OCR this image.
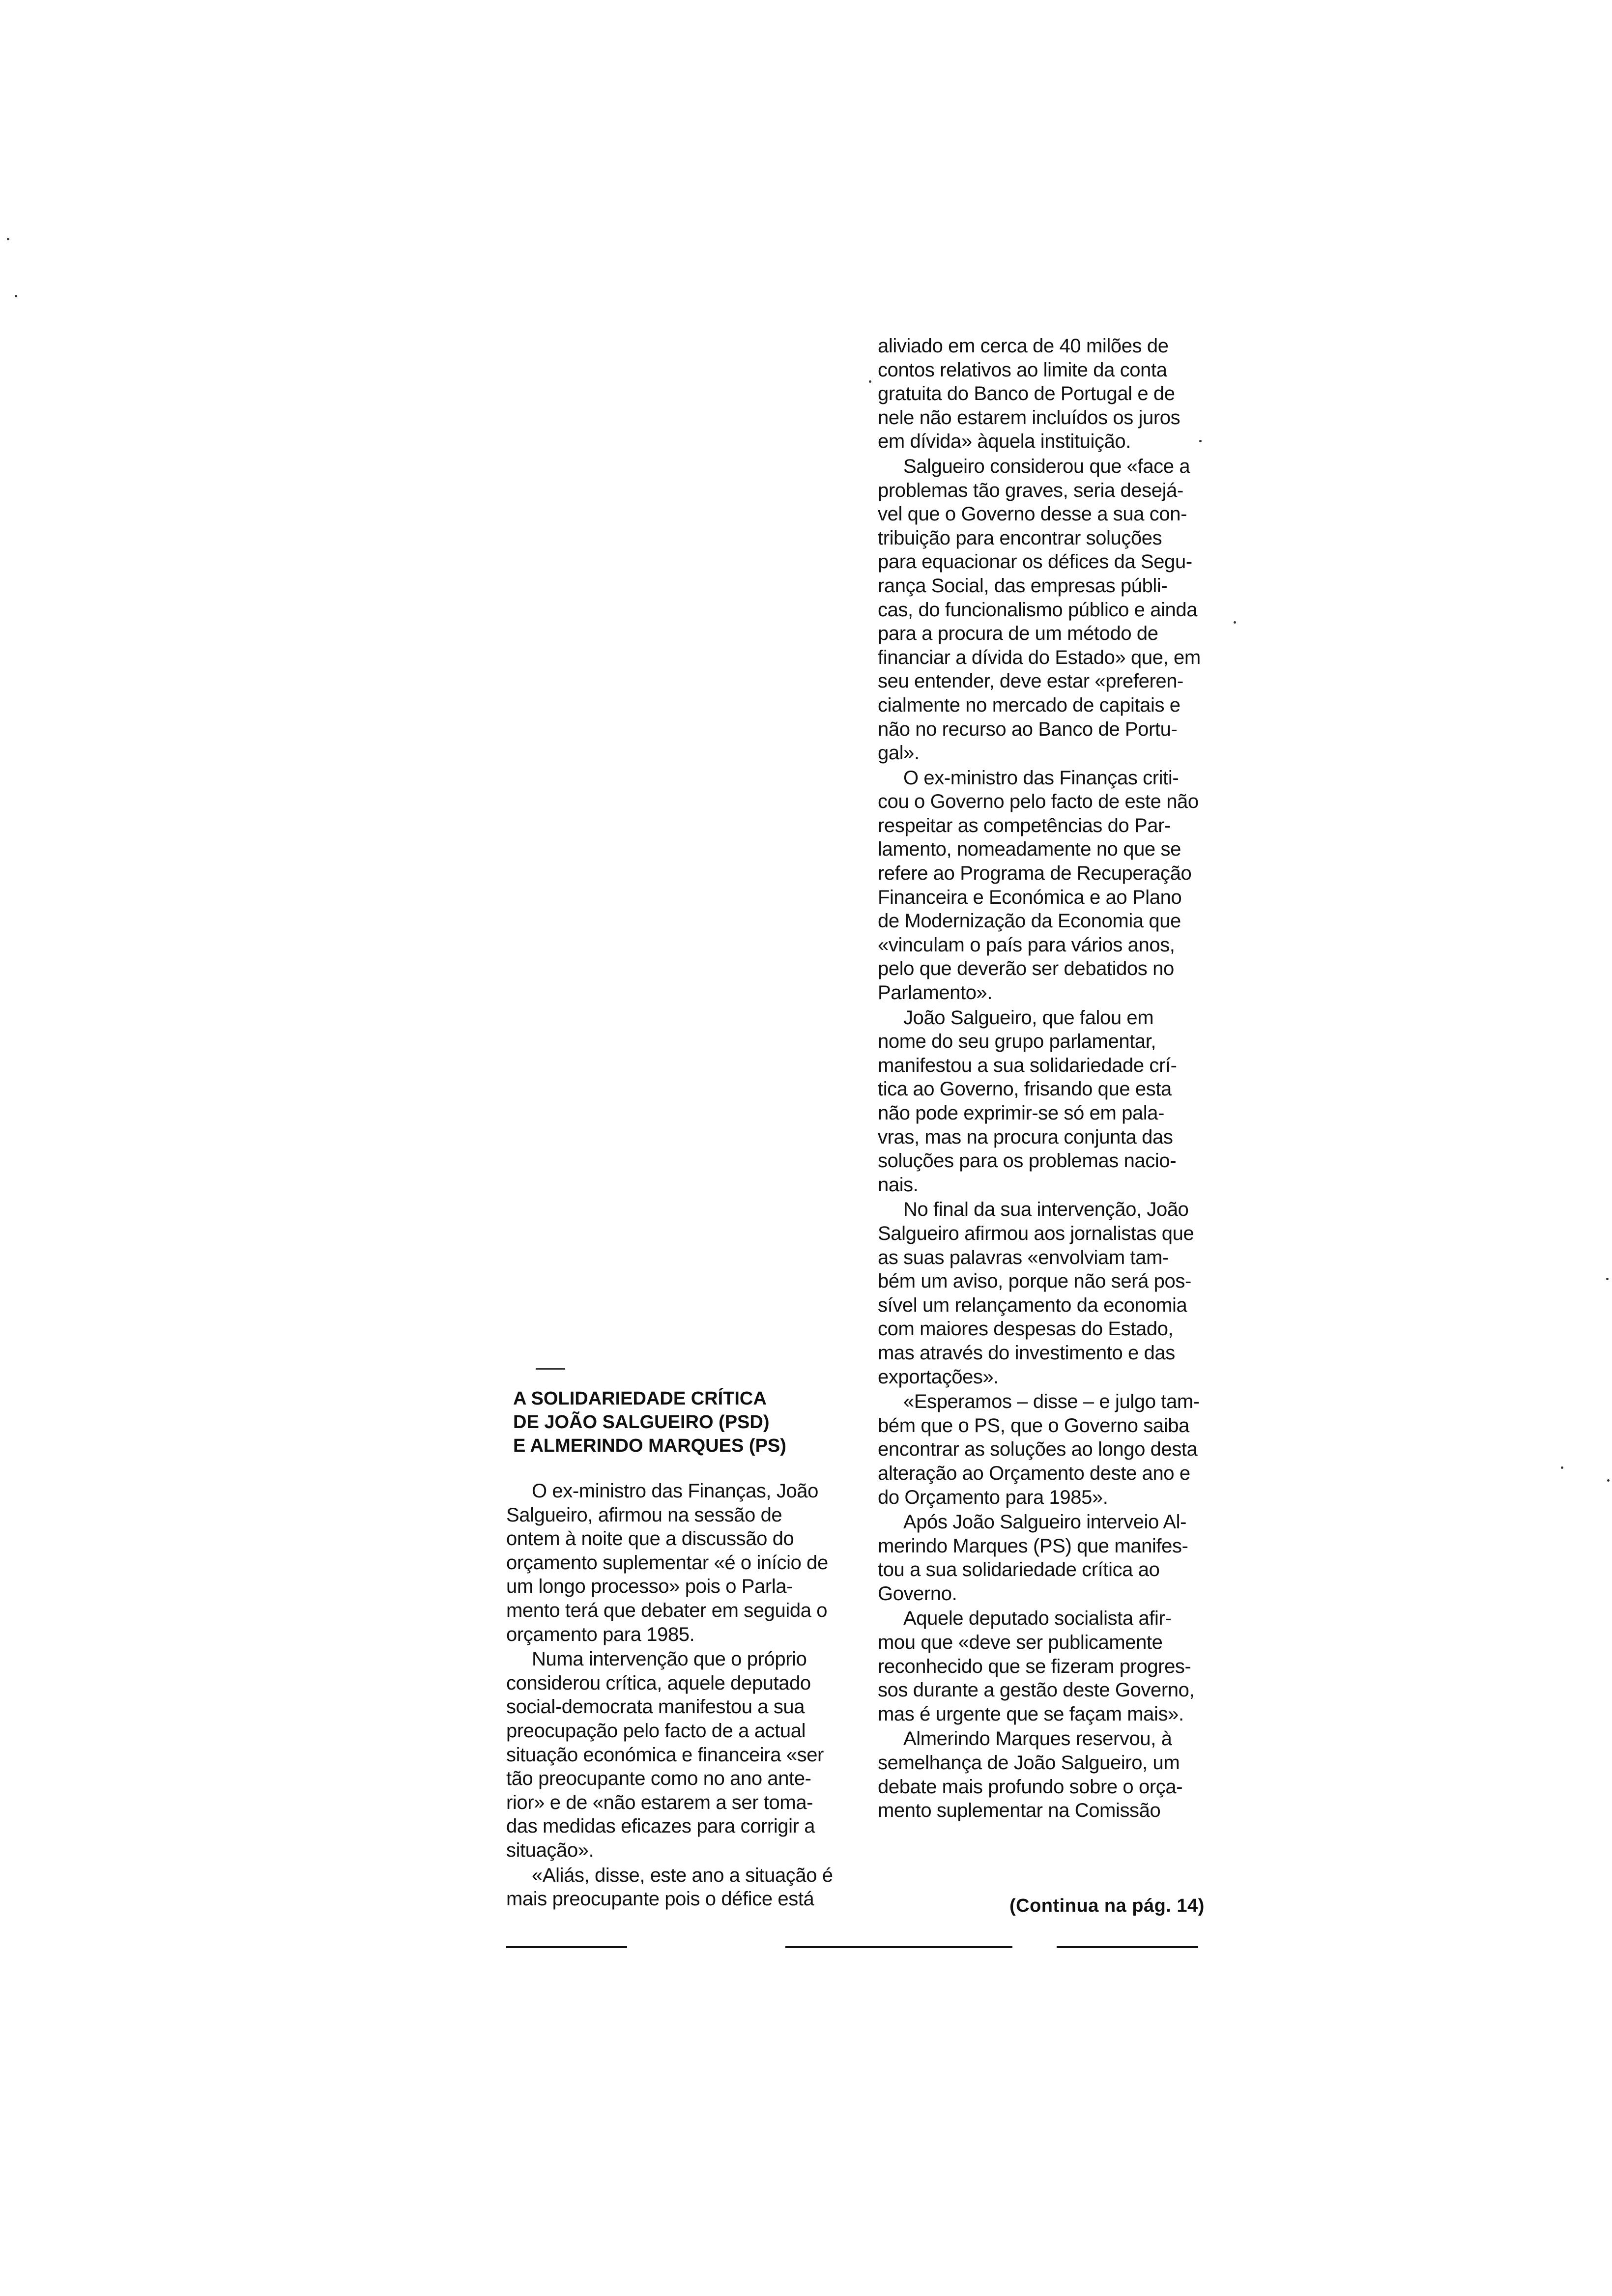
A SOLIDARIEDADE CRÍTICA
DE JOÃO SALGUEIRO (PSD)
E ALMERINDO MARQUES (PS)
O ex-ministro das Finanças, João
Salgueiro, afirmou na sessão de
ontem à noite que a discussão do
orçamento suplementar «é o início de
um longo processo» pois o Parla-
mento terá que debater em seguida o
orçamento para 1985.
Numa intervenção que o próprio
considerou crítica, aquele deputado
social-democrata manifestou a sua
preocupação pelo facto de a actual
situação económica e financeira «ser
tão preocupante como no ano ante-
rior» e de «não estarem a ser toma-
das medidas eficazes para corrigir a
situação».
«Aliás, disse, este ano a situação é
mais preocupante pois o défice está
aliviado em cerca de 40 milões de
contos relativos ao limite da conta
gratuita do Banco de Portugal e de
nele não estarem incluídos os juros
em dívida» àquela instituição.
Salgueiro considerou que «face a
problemas tão graves, seria desejá-
vel que o Governo desse a sua con-
tribuição para encontrar soluções
para equacionar os défices da Segu-
rança Social, das empresas públi-
cas, do funcionalismo público e ainda
para a procura de um método de
financiar a dívida do Estado» que, em
seu entender, deve estar «preferen-
cialmente no mercado de capitais e
não no recurso ao Banco de Portu-
gal».
O ex-ministro das Finanças criti-
cou o Governo pelo facto de este não
respeitar as competências do Par-
lamento, nomeadamente no que se
refere ao Programa de Recuperação
Financeira e Económica e ao Plano
de Modernização da Economia que
«vinculam o país para vários anos,
pelo que deverão ser debatidos no
Parlamento».
João Salgueiro, que falou em
nome do seu grupo parlamentar,
manifestou a sua solidariedade crí-
tica ao Governo, frisando que esta
não pode exprimir-se só em pala-
vras, mas na procura conjunta das
soluções para os problemas nacio-
nais.
No final da sua intervenção, João
Salgueiro afirmou aos jornalistas que
as suas palavras «envolviam tam-
bém um aviso, porque não será pos-
sível um relançamento da economia
com maiores despesas do Estado,
mas através do investimento e das
exportações».
«Esperamos – disse – e julgo tam-
bém que o PS, que o Governo saiba
encontrar as soluções ao longo desta
alteração ao Orçamento deste ano e
do Orçamento para 1985».
Após João Salgueiro interveio Al-
merindo Marques (PS) que manifes-
tou a sua solidariedade crítica ao
Governo.
Aquele deputado socialista afir-
mou que «deve ser publicamente
reconhecido que se fizeram progres-
sos durante a gestão deste Governo,
mas é urgente que se façam mais».
Almerindo Marques reservou, à
semelhança de João Salgueiro, um
debate mais profundo sobre o orça-
mento suplementar na Comissão
(Continua na pág. 14)
